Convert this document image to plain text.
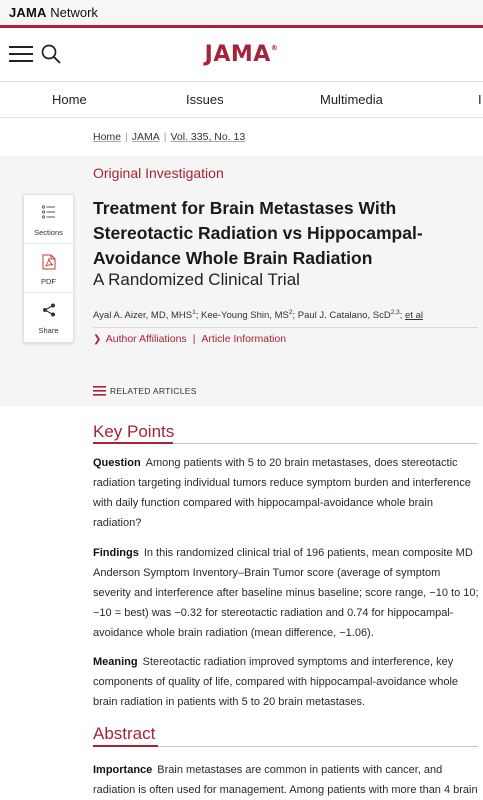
JAMA Network
JAMA®
Home	Issues	Multimedia	I
Home | JAMA | Vol. 335, No. 13
Sections
PDF
Share
Original Investigation
Treatment for Brain Metastases With Stereotactic Radiation vs Hippocampal-Avoidance Whole Brain Radiation
A Randomized Clinical Trial
Ayal A. Aizer, MD, MHS$^1$; Kee-Young Shin, $MS^2$; Paul J. Catalano, ScD$^{2,3}$; et al
❯ Author Affiliations | Article Information
RELATED ARTICLES
Key Points

Question Among patients with 5 to 20 brain metastases, does stereotactic radiation targeting individual tumors reduce symptom burden and interference with daily function compared with hippocampal-avoidance whole brain radiation?

Findings In this randomized clinical trial of 196 patients, mean composite MD Anderson Symptom Inventory–Brain Tumor score (average of symptom severity and interference after baseline minus baseline; score range, −10 to 10; −10 = best) was −0.32 for stereotactic radiation and 0.74 for hippocampal-avoidance whole brain radiation (mean difference, −1.06).

Meaning Stereotactic radiation improved symptoms and interference, key components of quality of life, compared with hippocampal-avoidance whole brain radiation in patients with 5 to 20 brain metastases.

Abstract

Importance Brain metastases are common in patients with cancer, and radiation is often used for management. Among patients with more than 4 brain
